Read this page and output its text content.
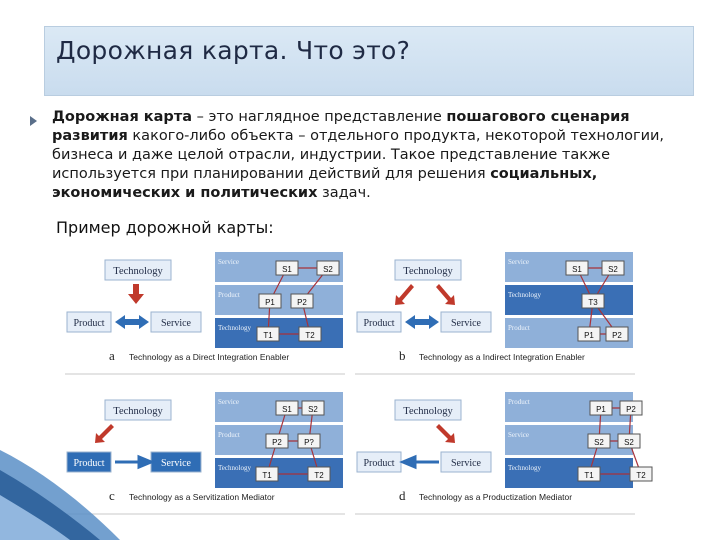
Дорожная карта. Что это?
Дорожная карта – это наглядное представление пошагового сценария развития какого-либо объекта – отдельного продукта, некоторой технологии, бизнеса и даже целой отрасли, индустрии. Такое представление также используется при планировании действий для решения социальных, экономических и политических задач.
Пример дорожной карты:
Technology
Product	Service
Service
Product
Technology
S1	S2
P1	P2
T1	T2
a Technology as a Direct Integration Enabler
Technology
Product	Service
Service
Technology
Product
S1	S2
T3
P1 P2
b Technology as a Indirect Integration Enabler
Technology
Product	Service
Service
Product
Technology
S1 S2
P2	P?
T1	T2
c Technology as a Servitization Mediator
Technology
Product	Service
Product
Service
Technology
P1	P2
S2	S2
T1	T2
d Technology as a Productization Mediator
